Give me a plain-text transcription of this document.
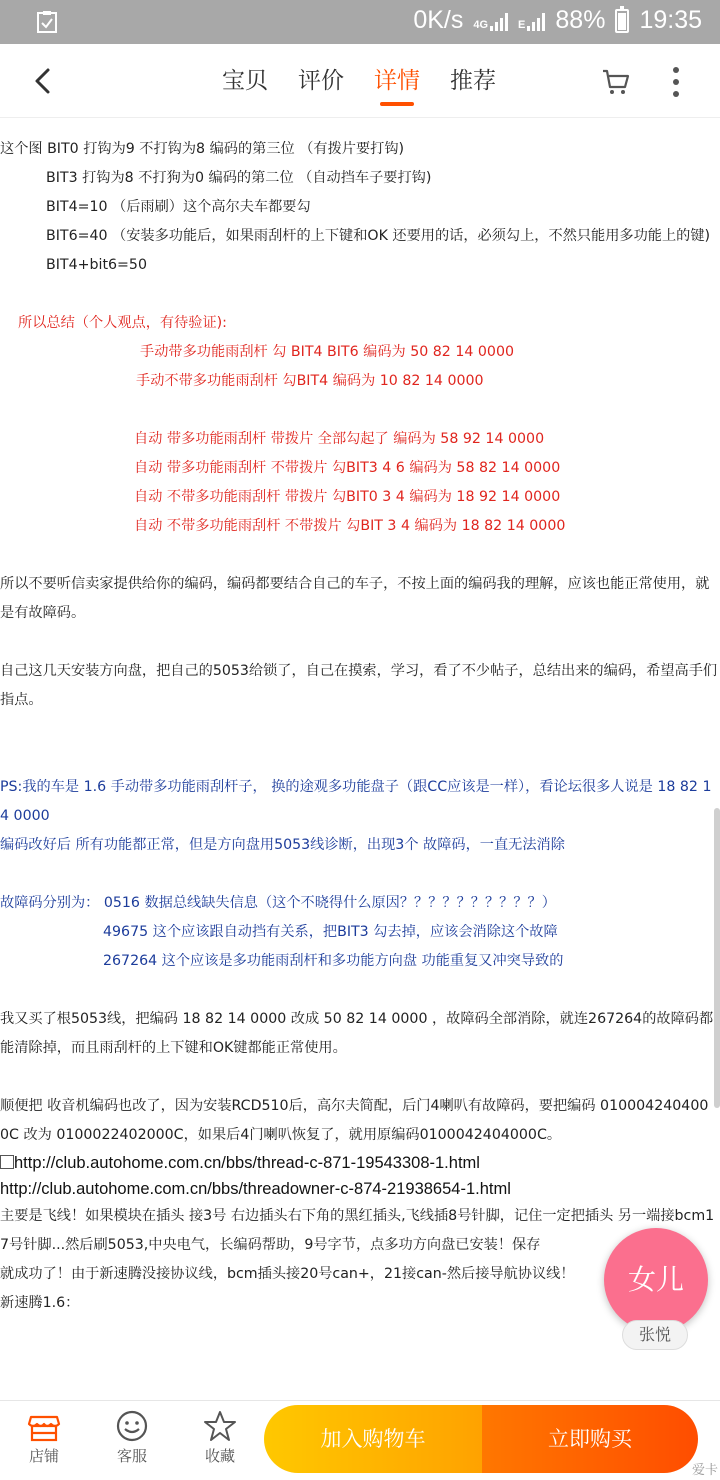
0K/s 4G	E 88% 19:35
宝贝 评价 详情 推荐

这个图 BIT0 打钩为9 不打钩为8 编码的第三位 （有拨片要打钩)

BIT3 打钩为8 不打狗为0 编码的第二位 （自动挡车子要打钩)

BIT4=10 （后雨刷）这个高尔夫车都要勾

BIT6=40 （安装多功能后，如果雨刮杆的上下键和OK 还要用的话，必须勾上，不然只能用多功能上的键)

BIT4+bit6=50

所以总结（个人观点，有待验证):

手动带多功能雨刮杆 勾 BIT4 BIT6 编码为 50 82 14 0000

手动不带多功能雨刮杆 勾BIT4 编码为 10 82 14 0000

自动 带多功能雨刮杆 带拨片 全部勾起了 编码为 58 92 14 0000

自动 带多功能雨刮杆 不带拨片 勾BIT3 4 6 编码为 58 82 14 0000

自动 不带多功能雨刮杆 带拨片 勾BIT0 3 4 编码为 18 92 14 0000

自动 不带多功能雨刮杆 不带拨片 勾BIT 3 4 编码为 18 82 14 0000

所以不要听信卖家提供给你的编码，编码都要结合自己的车子，不按上面的编码我的理解，应该也能正常使用，就是有故障码。

自己这几天安装方向盘，把自己的5053给锁了，自己在摸索，学习，看了不少帖子，总结出来的编码，希望高手们指点。

PS:我的车是 1.6 手动带多功能雨刮杆子， 换的途观多功能盘子（跟CC应该是一样），看论坛很多人说是 18 82 14 0000

编码改好后 所有功能都正常，但是方向盘用5053线诊断，出现3个 故障码，一直无法消除

故障码分别为： 0516 数据总线缺失信息（这个不晓得什么原因？？？？？？？？？？）

49675 这个应该跟自动挡有关系，把BIT3 勾去掉，应该会消除这个故障

267264 这个应该是多功能雨刮杆和多功能方向盘 功能重复又冲突导致的

我又买了根5053线，把编码 18 82 14 0000 改成 50 82 14 0000 ，故障码全部消除，就连267264的故障码都能清除掉，而且雨刮杆的上下键和OK键都能正常使用。

顺便把 收音机编码也改了，因为安装RCD510后，高尔夫简配，后门4喇叭有故障码，要把编码 010004240400 0C 改为 0100022402000C，如果后4门喇叭恢复了，就用原编码0100042404000C。

http://club.autohome.com.cn/bbs/thread-c-871-19543308-1.html
http://club.autohome.com.cn/bbs/threadowner-c-874-21938654-1.html

主要是飞线！如果模块在插头 接3号 右边插头右下角的黑红插头,飞线插8号针脚，记住一定把插头 另一端接bcm17号针脚...然后刷5053,中央电气，长编码帮助，9号字节，点多功方向盘已安装！保存

就成功了！由于新速腾没接协议线，bcm插头接20号can+，21接can-然后接导航协议线！

新速腾1.6：

女儿
张悦
店铺	客服	收藏
加入购物车	立即购买
爱卡
